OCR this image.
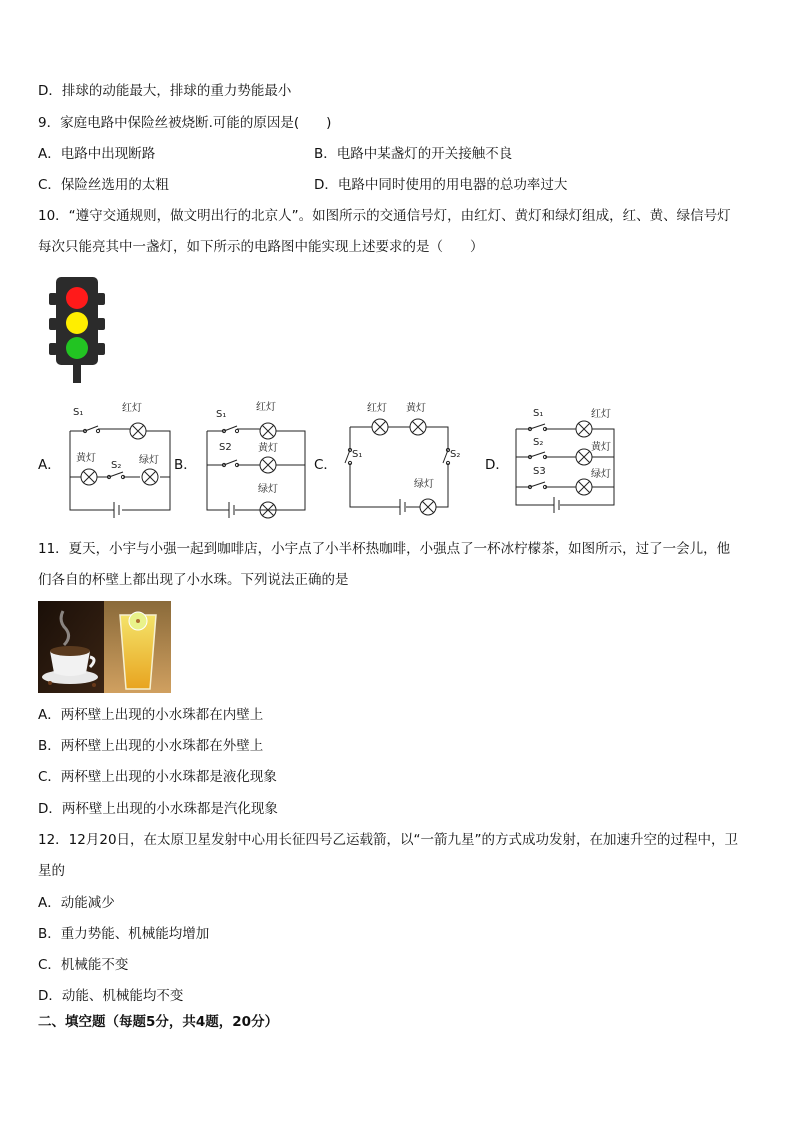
D．排球的动能最大，排球的重力势能最小
9．家庭电路中保险丝被烧断.可能的原因是(　　)
A．电路中出现断路	B．电路中某盏灯的开关接触不良
C．保险丝选用的太粗	D．电路中同时使用的用电器的总功率过大
10．“遵守交通规则，做文明出行的北京人”。如图所示的交通信号灯，由红灯、黄灯和绿灯组成，红、黄、绿信号灯
每次只能亮其中一盏灯，如下所示的电路图中能实现上述要求的是（　　）
A．	B．	C．	D．
S₁	红灯
黄灯
S₂ 绿灯
S₁
红灯
S2	黄灯
绿灯
红灯 黄灯
S₁	S₂
绿灯
S₁	红灯
S₂	黄灯
S3	绿灯
11．夏天，小宇与小强一起到咖啡店，小宇点了小半杯热咖啡，小强点了一杯冰柠檬茶，如图所示，过了一会儿，他
们各自的杯壁上都出现了小水珠。下列说法正确的是
A．两杯壁上出现的小水珠都在内壁上
B．两杯壁上出现的小水珠都在外壁上
C．两杯壁上出现的小水珠都是液化现象
D．两杯壁上出现的小水珠都是汽化现象
12．12月20日，在太原卫星发射中心用长征四号乙运载箭，以“一箭九星”的方式成功发射，在加速升空的过程中，卫
星的
A．动能减少
B．重力势能、机械能均增加
C．机械能不变
D．动能、机械能均不变
二、填空题（每题5分，共4题，20分）
